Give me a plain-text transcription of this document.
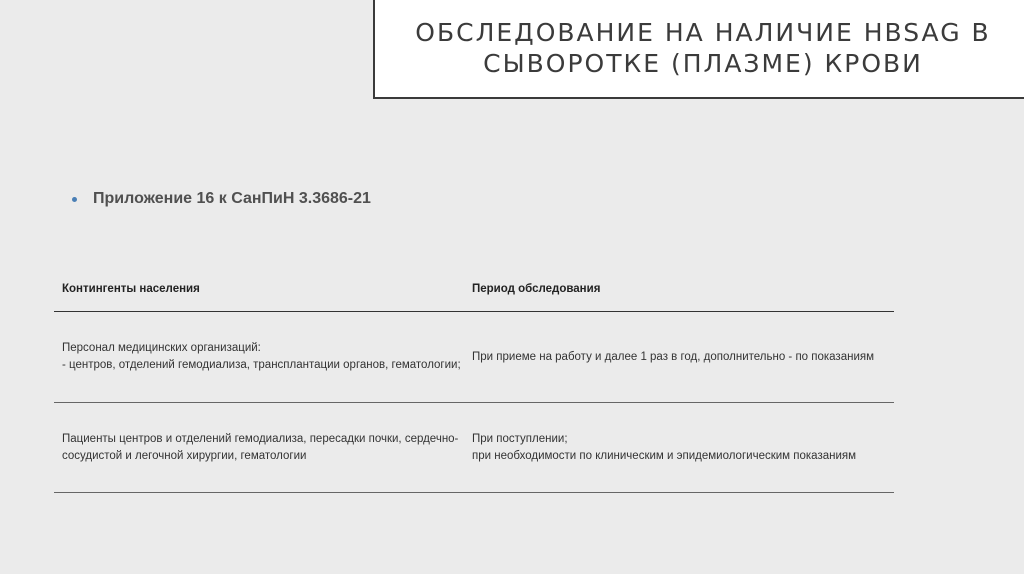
ОБСЛЕДОВАНИЕ НА НАЛИЧИЕ HBSAG В СЫВОРОТКЕ (ПЛАЗМЕ) КРОВИ
Приложение 16 к СанПиН 3.3686-21
Контингенты населения	Период обследования
Персонал медицинских организаций:
- центров, отделений гемодиализа, трансплантации органов, гематологии;
При приеме на работу и далее 1 раз в год, дополнительно - по показаниям
Пациенты центров и отделений гемодиализа, пересадки почки, сердечно-сосудистой и легочной хирургии, гематологии
При поступлении;
при необходимости по клиническим и эпидемиологическим показаниям
